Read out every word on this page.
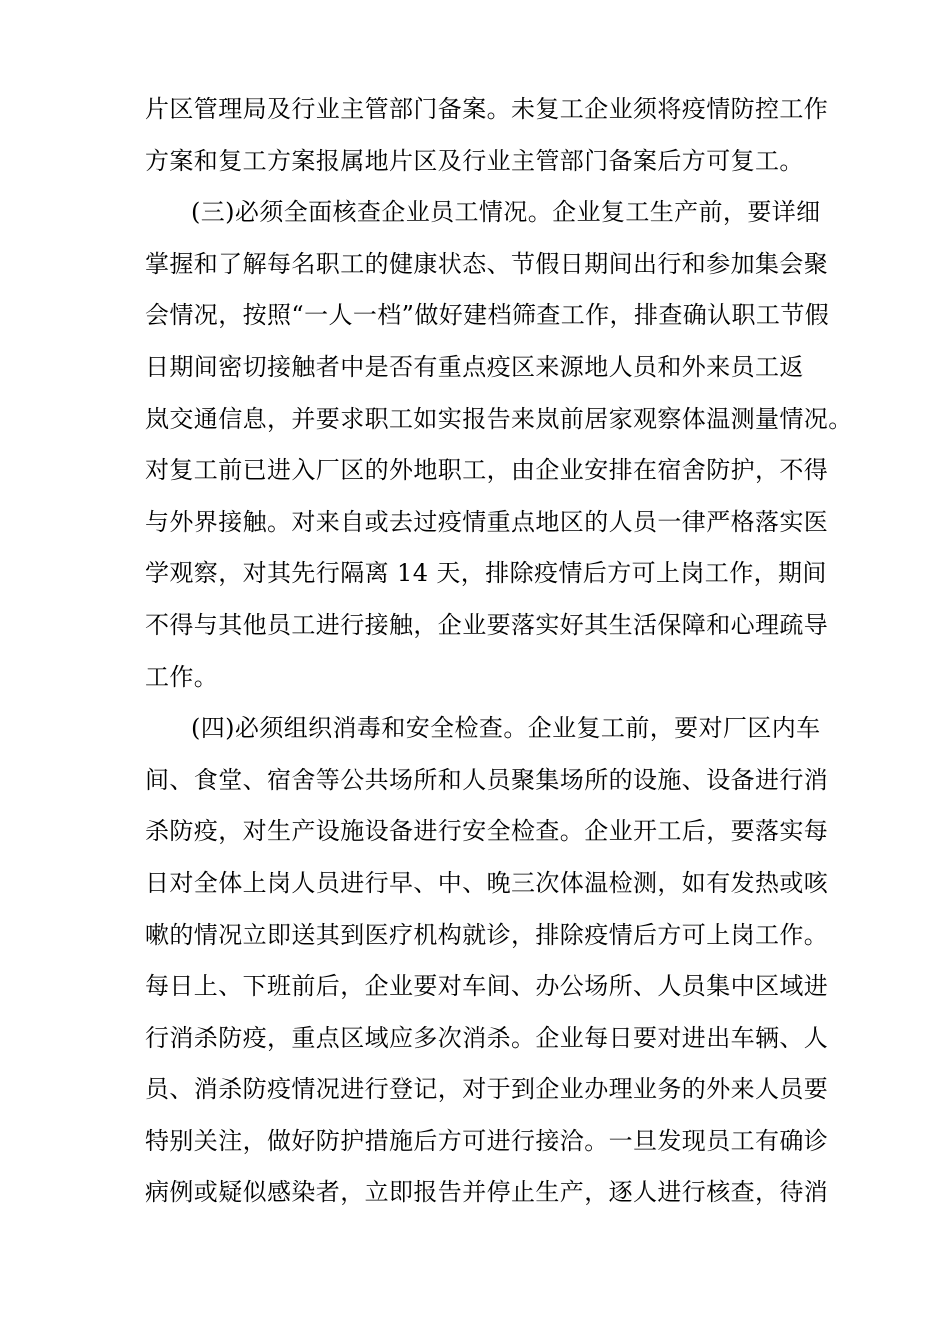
片区管理局及行业主管部门备案。未复工企业须将疫情防控工作
方案和复工方案报属地片区及行业主管部门备案后方可复工。
(三)必须全面核查企业员工情况。企业复工生产前，要详细
掌握和了解每名职工的健康状态、节假日期间出行和参加集会聚
会情况，按照“一人一档”做好建档筛查工作，排查确认职工节假
日期间密切接触者中是否有重点疫区来源地人员和外来员工返
岚交通信息，并要求职工如实报告来岚前居家观察体温测量情况。
对复工前已进入厂区的外地职工，由企业安排在宿舍防护，不得
与外界接触。对来自或去过疫情重点地区的人员一律严格落实医
学观察，对其先行隔离 14 天，排除疫情后方可上岗工作，期间
不得与其他员工进行接触，企业要落实好其生活保障和心理疏导
工作。
(四)必须组织消毒和安全检查。企业复工前，要对厂区内车
间、食堂、宿舍等公共场所和人员聚集场所的设施、设备进行消
杀防疫，对生产设施设备进行安全检查。企业开工后，要落实每
日对全体上岗人员进行早、中、晚三次体温检测，如有发热或咳
嗽的情况立即送其到医疗机构就诊，排除疫情后方可上岗工作。
每日上、下班前后，企业要对车间、办公场所、人员集中区域进
行消杀防疫，重点区域应多次消杀。企业每日要对进出车辆、人
员、消杀防疫情况进行登记，对于到企业办理业务的外来人员要
特别关注，做好防护措施后方可进行接洽。一旦发现员工有确诊
病例或疑似感染者，立即报告并停止生产，逐人进行核查，待消
